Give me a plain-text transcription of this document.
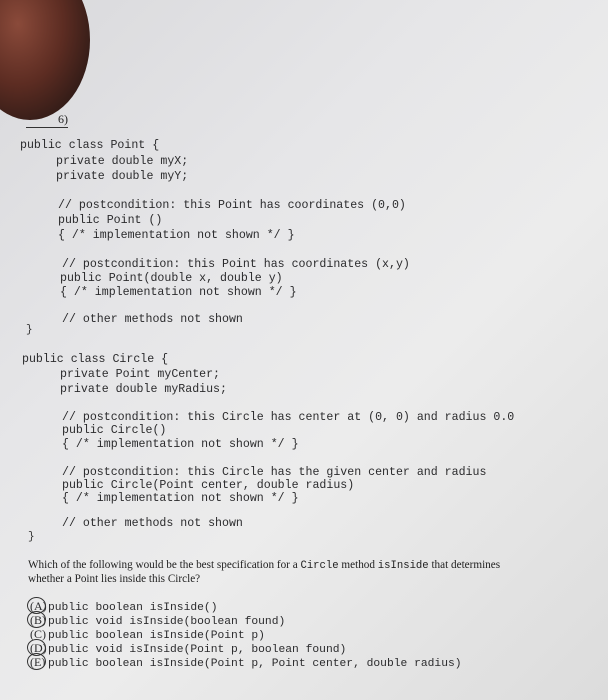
6)
public class Point {
private double myX;
private double myY;
// postcondition: this Point has coordinates (0,0)
public Point ()
{ /* implementation not shown */ }
// postcondition: this Point has coordinates (x,y)
public Point(double x, double y)
{ /* implementation not shown */ }
// other methods not shown
}
public class Circle {
private Point myCenter;
private double myRadius;
// postcondition: this Circle has center at (0, 0) and radius 0.0
public Circle()
{ /* implementation not shown */ }
// postcondition: this Circle has the given center and radius
public Circle(Point center, double radius)
{ /* implementation not shown */ }
// other methods not shown
}
Which of the following would be the best specification for a Circle method isInside that determines
whether a Point lies inside this Circle?
(A)public boolean isInside()
(B) public void isInside(boolean found)
(C) public boolean isInside(Point p)
(D)public void isInside(Point p, boolean found)
(E) public boolean isInside(Point p, Point center, double radius)
